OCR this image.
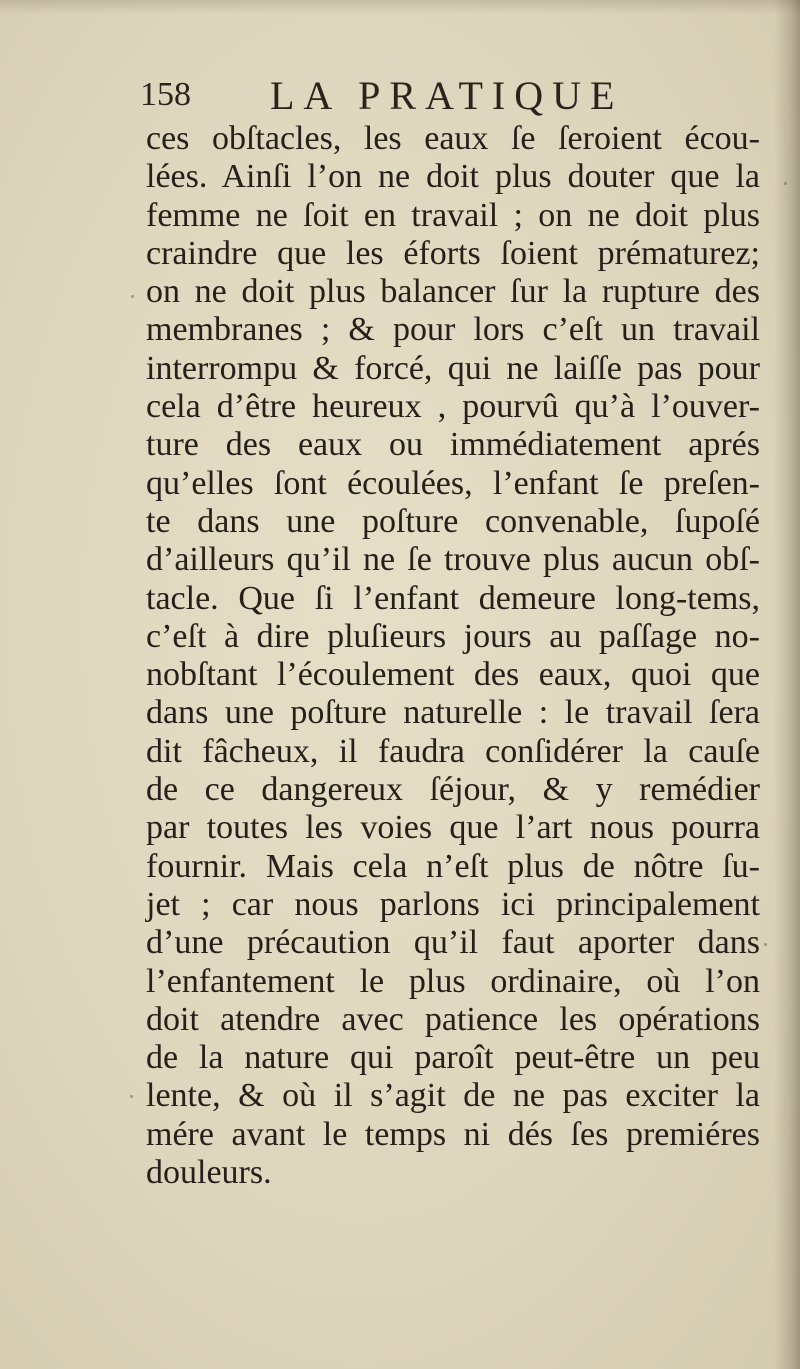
158 LA PRATIQUE
ces obſtacles, les eaux ſe ſeroient écou-
lées. Ainſi l’on ne doit plus douter que la
femme ne ſoit en travail ; on ne doit plus
craindre que les éforts ſoient prématurez;
on ne doit plus balancer ſur la rupture des
membranes ; & pour lors c’eſt un travail
interrompu & forcé, qui ne laiſſe pas pour
cela d’être heureux , pourvû qu’à l’ouver-
ture des eaux ou immédiatement aprés
qu’elles ſont écoulées, l’enfant ſe preſen-
te dans une poſture convenable, ſupoſé
d’ailleurs qu’il ne ſe trouve plus aucun obſ-
tacle. Que ſi l’enfant demeure long-tems,
c’eſt à dire pluſieurs jours au paſſage no-
nobſtant l’écoulement des eaux, quoi que
dans une poſture naturelle : le travail ſera
dit fâcheux, il faudra conſidérer la cauſe
de ce dangereux ſéjour, & y remédier
par toutes les voies que l’art nous pourra
fournir. Mais cela n’eſt plus de nôtre ſu-
jet ; car nous parlons ici principalement
d’une précaution qu’il faut aporter dans
l’enfantement le plus ordinaire, où l’on
doit atendre avec patience les opérations
de la nature qui paroît peut-être un peu
lente, & où il s’agit de ne pas exciter la
mére avant le temps ni dés ſes premiéres
douleurs.
